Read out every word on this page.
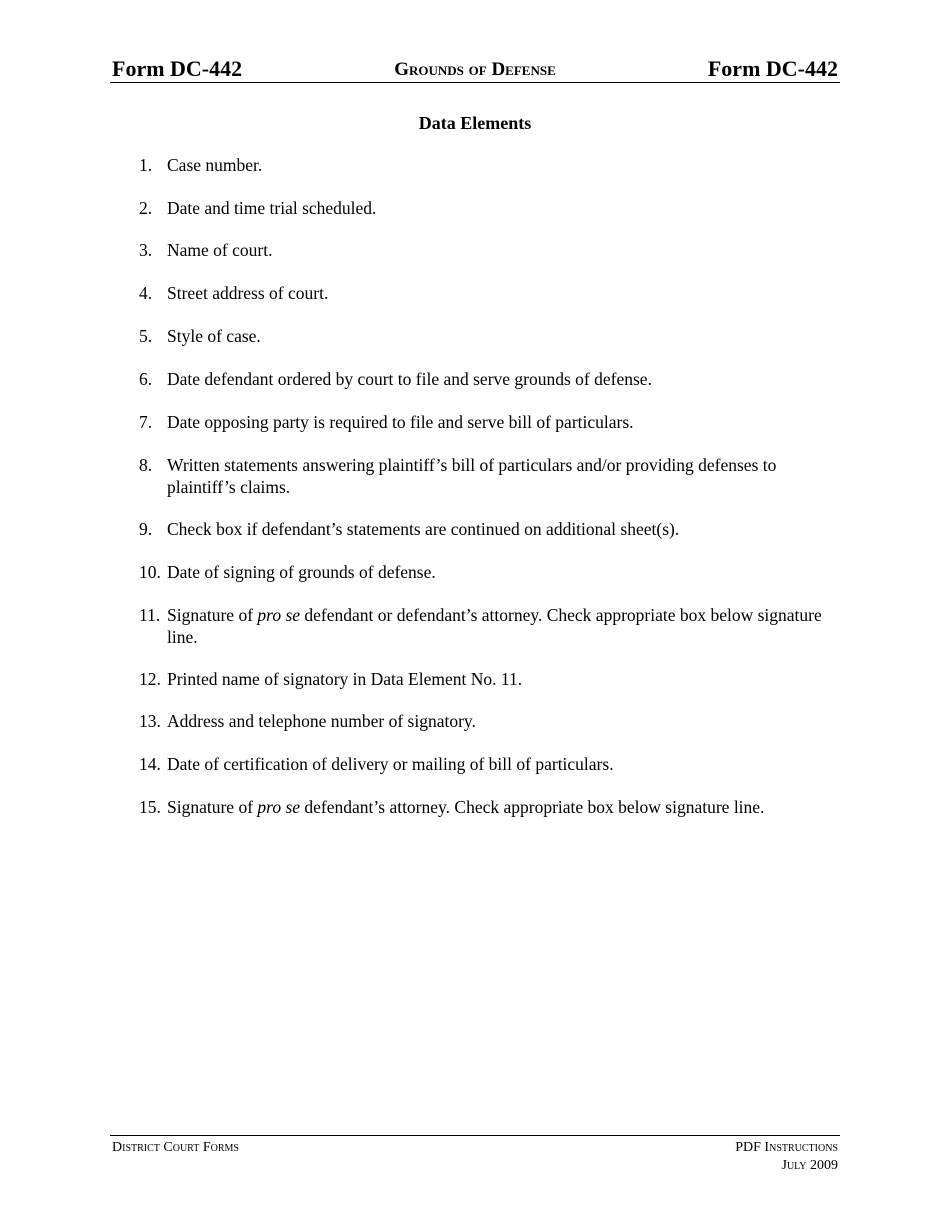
Form DC-442	Grounds of Defense	Form DC-442
Data Elements
1. Case number.
2. Date and time trial scheduled.
3. Name of court.
4. Street address of court.
5. Style of case.
6. Date defendant ordered by court to file and serve grounds of defense.
7. Date opposing party is required to file and serve bill of particulars.
8. Written statements answering plaintiff’s bill of particulars and/or providing defenses to plaintiff’s claims.
9. Check box if defendant’s statements are continued on additional sheet(s).
10. Date of signing of grounds of defense.
11. Signature of pro se defendant or defendant’s attorney. Check appropriate box below signature line.
12. Printed name of signatory in Data Element No. 11.
13. Address and telephone number of signatory.
14. Date of certification of delivery or mailing of bill of particulars.
15. Signature of pro se defendant’s attorney. Check appropriate box below signature line.
District Court Forms	PDF Instructions
July 2009
